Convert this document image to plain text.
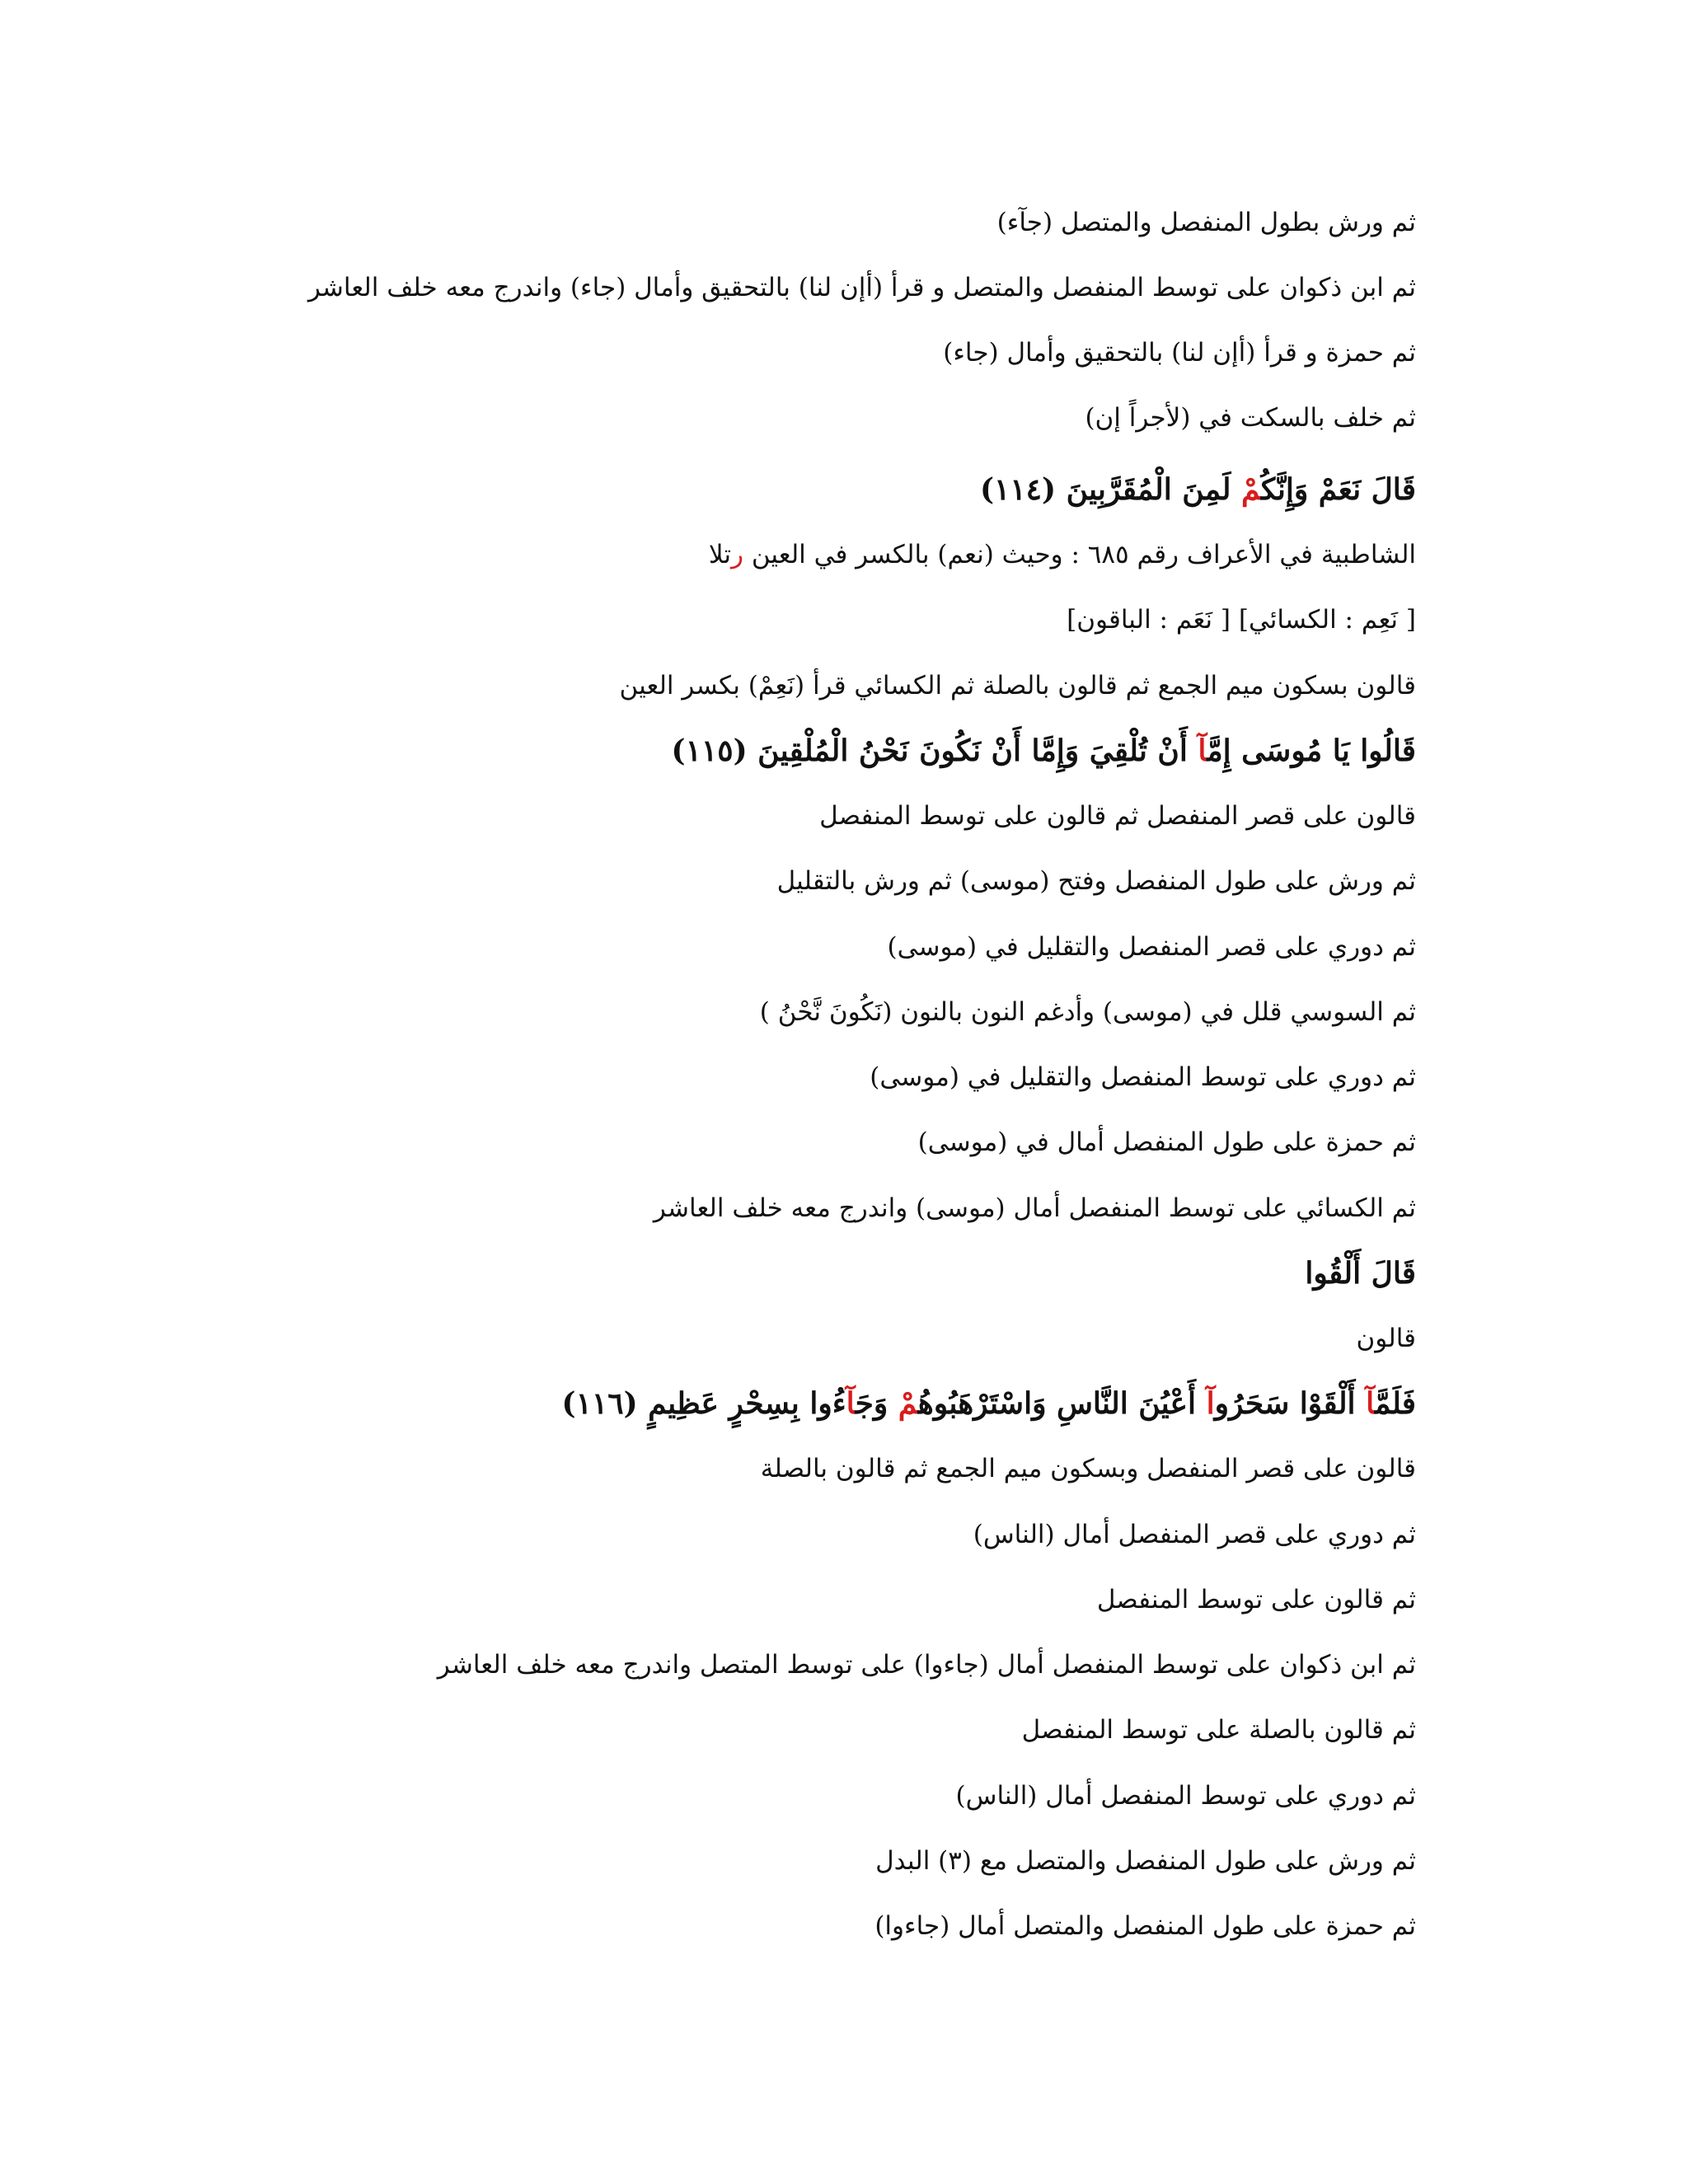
ثم ورش بطول المنفصل والمتصل (جآء)
ثم ابن ذكوان على توسط المنفصل والمتصل و قرأ (أإن لنا) بالتحقيق وأمال (جاء) واندرج معه خلف العاشر
ثم حمزة و قرأ (أإن لنا) بالتحقيق وأمال (جاء)
ثم خلف بالسكت في (لأجراً إن)
قَالَ نَعَمْ وَإِنَّكُمْ لَمِنَ الْمُقَرَّبِينَ (١١٤)
الشاطبية في الأعراف رقم ٦٨٥ : وحيث (نعم) بالكسر في العين رتلا
[ نَعِم : الكسائي] [ نَعَم : الباقون]
قالون بسكون ميم الجمع ثم قالون بالصلة ثم الكسائي قرأ (نَعِمْ) بكسر العين
قَالُوا يَا مُوسَى إِمَّآ أَنْ تُلْقِيَ وَإِمَّا أَنْ نَكُونَ نَحْنُ الْمُلْقِينَ (١١٥)
قالون على قصر المنفصل ثم قالون على توسط المنفصل
ثم ورش على طول المنفصل وفتح (موسى) ثم ورش بالتقليل
ثم دوري على قصر المنفصل والتقليل في (موسى)
ثم السوسي قلل في (موسى) وأدغم النون بالنون (نَكُونَ نَّحْنُ )
ثم دوري على توسط المنفصل والتقليل في (موسى)
ثم حمزة على طول المنفصل أمال في (موسى)
ثم الكسائي على توسط المنفصل أمال (موسى) واندرج معه خلف العاشر
قَالَ أَلْقُوا
قالون
فَلَمَّآ أَلْقَوْا سَحَرُوآ أَعْيُنَ النَّاسِ وَاسْتَرْهَبُوهُمْ وَجَآءُوا بِسِحْرٍ عَظِيمٍ (١١٦)
قالون على قصر المنفصل وبسكون ميم الجمع ثم قالون بالصلة
ثم دوري على قصر المنفصل أمال (الناس)
ثم قالون على توسط المنفصل
ثم ابن ذكوان على توسط المنفصل أمال (جاءوا) على توسط المتصل واندرج معه خلف العاشر
ثم قالون بالصلة على توسط المنفصل
ثم دوري على توسط المنفصل أمال (الناس)
ثم ورش على طول المنفصل والمتصل مع (٣) البدل
ثم حمزة على طول المنفصل والمتصل أمال (جاءوا)
